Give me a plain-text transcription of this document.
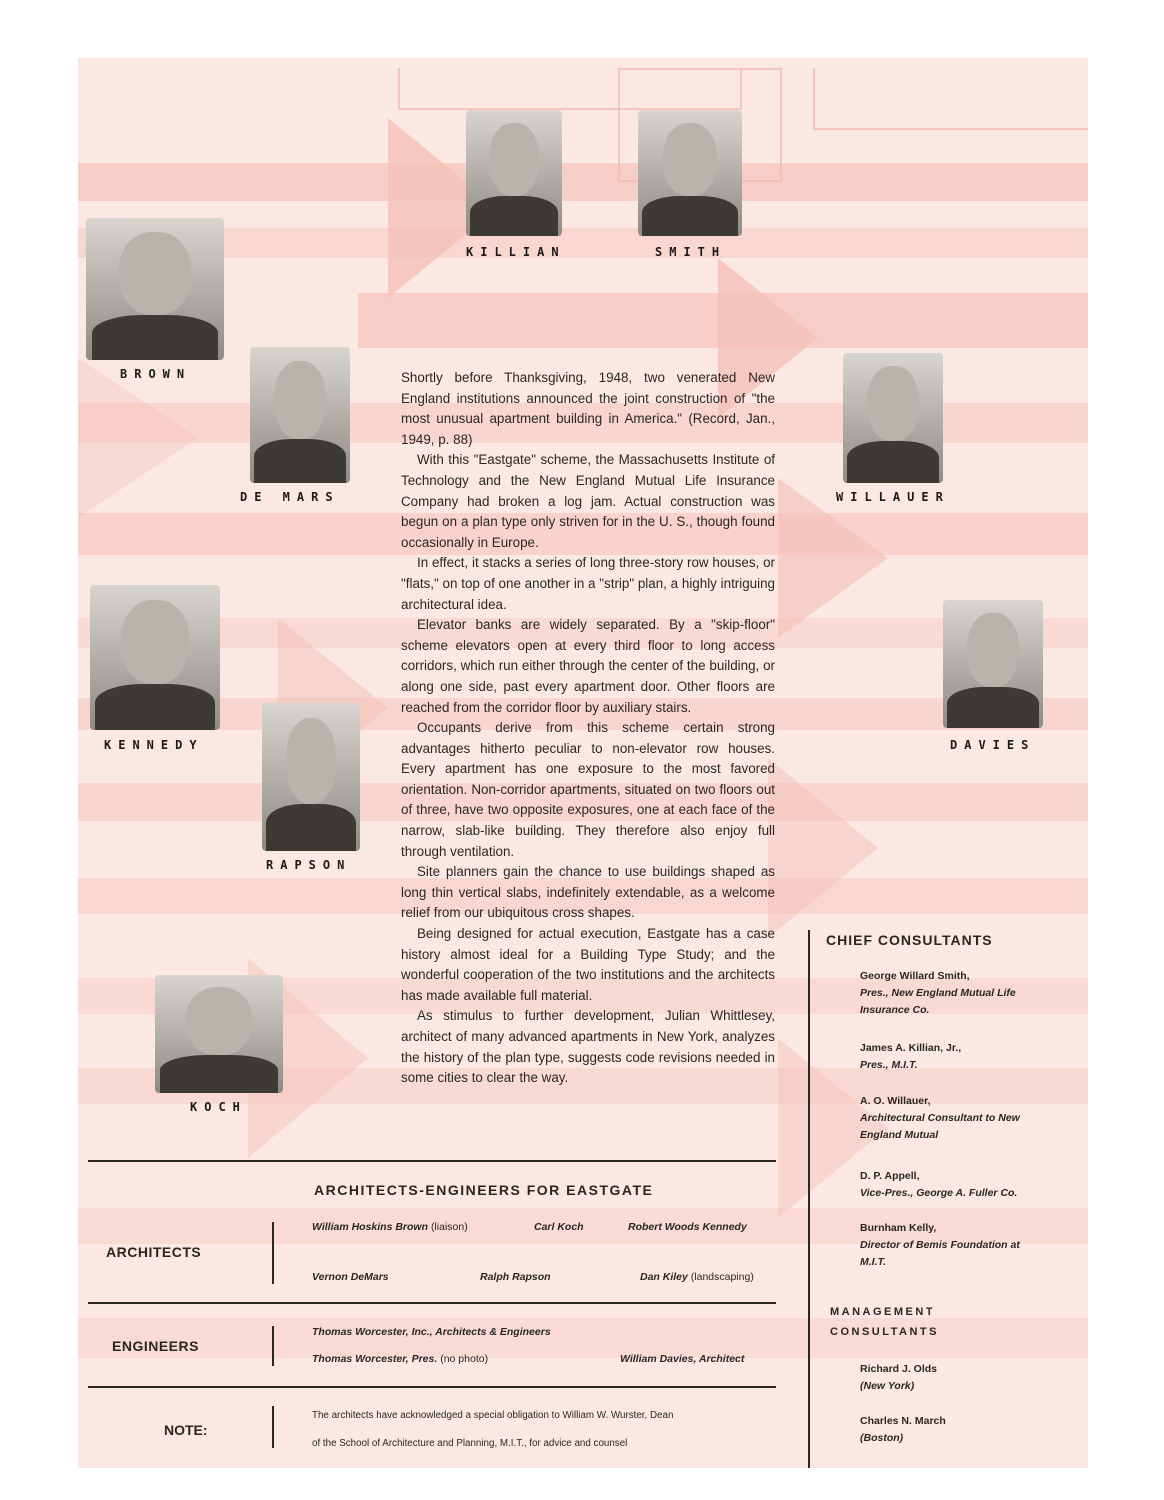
KILLIAN	SMITH
BROWN
DE MARS	WILLAUER
KENNEDY	DAVIES
RAPSON
KOCH

Shortly before Thanksgiving, 1948, two venerated New England institutions announced the joint construction of "the most unusual apartment building in America." (Record, Jan., 1949, p. 88)

With this "Eastgate" scheme, the Massachusetts Institute of Technology and the New England Mutual Life Insurance Company had broken a log jam. Actual construction was begun on a plan type only striven for in the U. S., though found occasionally in Europe.

In effect, it stacks a series of long three-story row houses, or "flats," on top of one another in a "strip" plan, a highly intriguing architectural idea.

Elevator banks are widely separated. By a "skip-floor" scheme elevators open at every third floor to long access corridors, which run either through the center of the building, or along one side, past every apartment door. Other floors are reached from the corridor floor by auxiliary stairs.

Occupants derive from this scheme certain strong advantages hitherto peculiar to non-elevator row houses. Every apartment has one exposure to the most favored orientation. Non-corridor apartments, situated on two floors out of three, have two opposite exposures, one at each face of the narrow, slab-like building. They therefore also enjoy full through ventilation.

Site planners gain the chance to use buildings shaped as long thin vertical slabs, indefinitely extendable, as a welcome relief from our ubiquitous cross shapes.

Being designed for actual execution, Eastgate has a case history almost ideal for a Building Type Study; and the wonderful cooperation of the two institutions and the architects has made available full material.

As stimulus to further development, Julian Whittlesey, architect of many advanced apartments in New York, analyzes the history of the plan type, suggests code revisions needed in some cities to clear the way.

ARCHITECTS-ENGINEERS FOR EASTGATE
ARCHITECTS
William Hoskins Brown (liaison)	Carl Koch	Robert Woods Kennedy
Vernon DeMars	Ralph Rapson	Dan Kiley (landscaping)
ENGINEERS
Thomas Worcester, Inc., Architects & Engineers
Thomas Worcester, Pres. (no photo)	William Davies, Architect
NOTE:
The architects have acknowledged a special obligation to William W. Wurster, Dean
of the School of Architecture and Planning, M.I.T., for advice and counsel
CHIEF CONSULTANTS
George Willard Smith,
Pres., New England Mutual Life Insurance Co.
James A. Killian, Jr.,
Pres., M.I.T.
A. O. Willauer,
Architectural Consultant to New England Mutual
D. P. Appell,
Vice-Pres., George A. Fuller Co.
Burnham Kelly,
Director of Bemis Foundation at M.I.T.
MANAGEMENT
CONSULTANTS
Richard J. Olds
(New York)
Charles N. March
(Boston)
